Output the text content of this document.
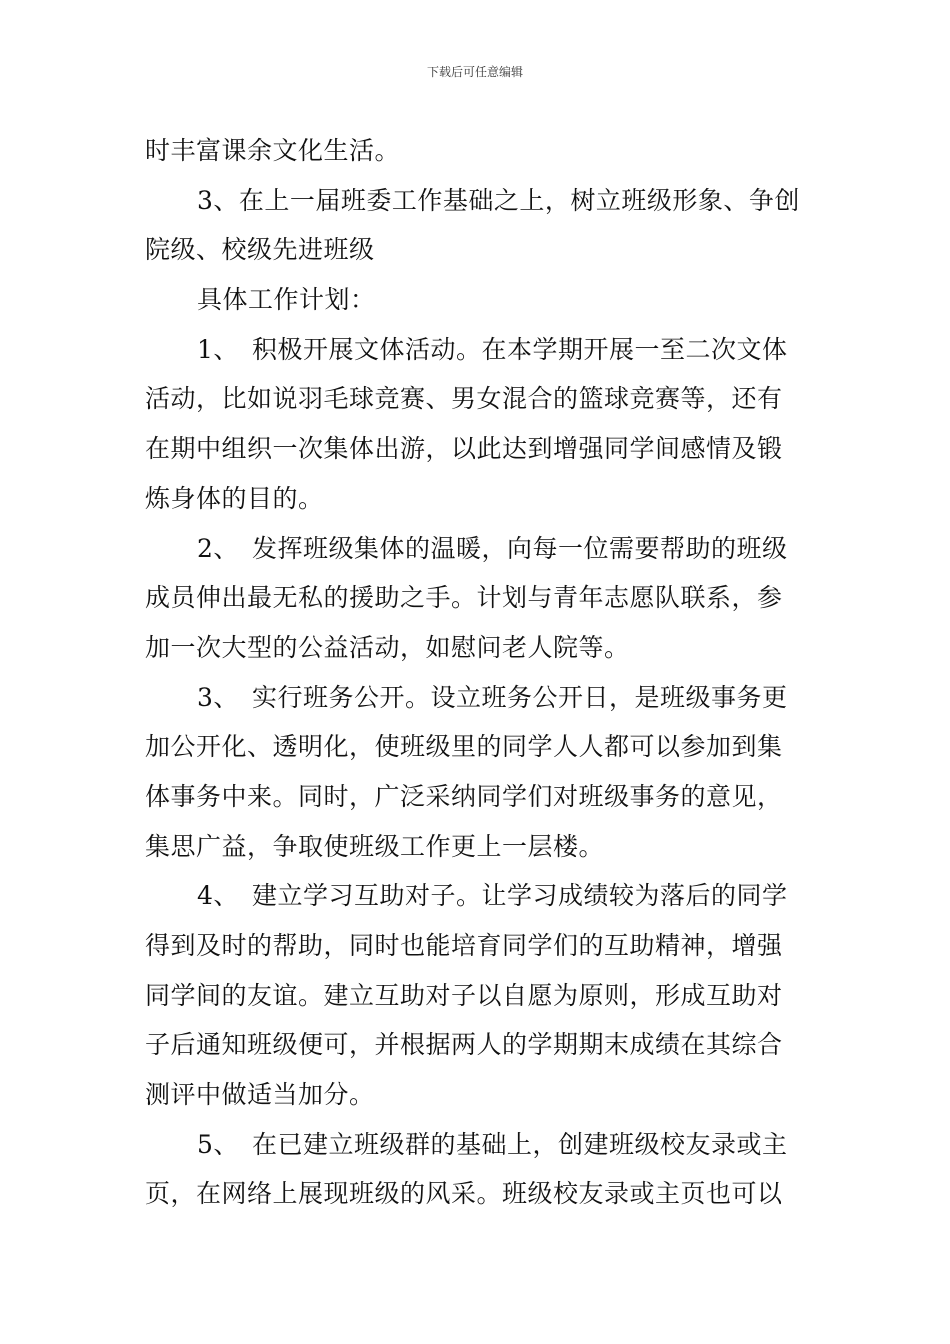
下载后可任意编辑
时丰富课余文化生活。
3、在上一届班委工作基础之上，树立班级形象、争创
院级、校级先进班级
具体工作计划：
1、 积极开展文体活动。在本学期开展一至二次文体
活动，比如说羽毛球竞赛、男女混合的篮球竞赛等，还有
在期中组织一次集体出游，以此达到增强同学间感情及锻
炼身体的目的。
2、 发挥班级集体的温暖，向每一位需要帮助的班级
成员伸出最无私的援助之手。计划与青年志愿队联系，参
加一次大型的公益活动，如慰问老人院等。
3、 实行班务公开。设立班务公开日，是班级事务更
加公开化、透明化，使班级里的同学人人都可以参加到集
体事务中来。同时，广泛采纳同学们对班级事务的意见，
集思广益，争取使班级工作更上一层楼。
4、 建立学习互助对子。让学习成绩较为落后的同学
得到及时的帮助，同时也能培育同学们的互助精神，增强
同学间的友谊。建立互助对子以自愿为原则，形成互助对
子后通知班级便可，并根据两人的学期期末成绩在其综合
测评中做适当加分。
5、 在已建立班级群的基础上，创建班级校友录或主
页，在网络上展现班级的风采。班级校友录或主页也可以
